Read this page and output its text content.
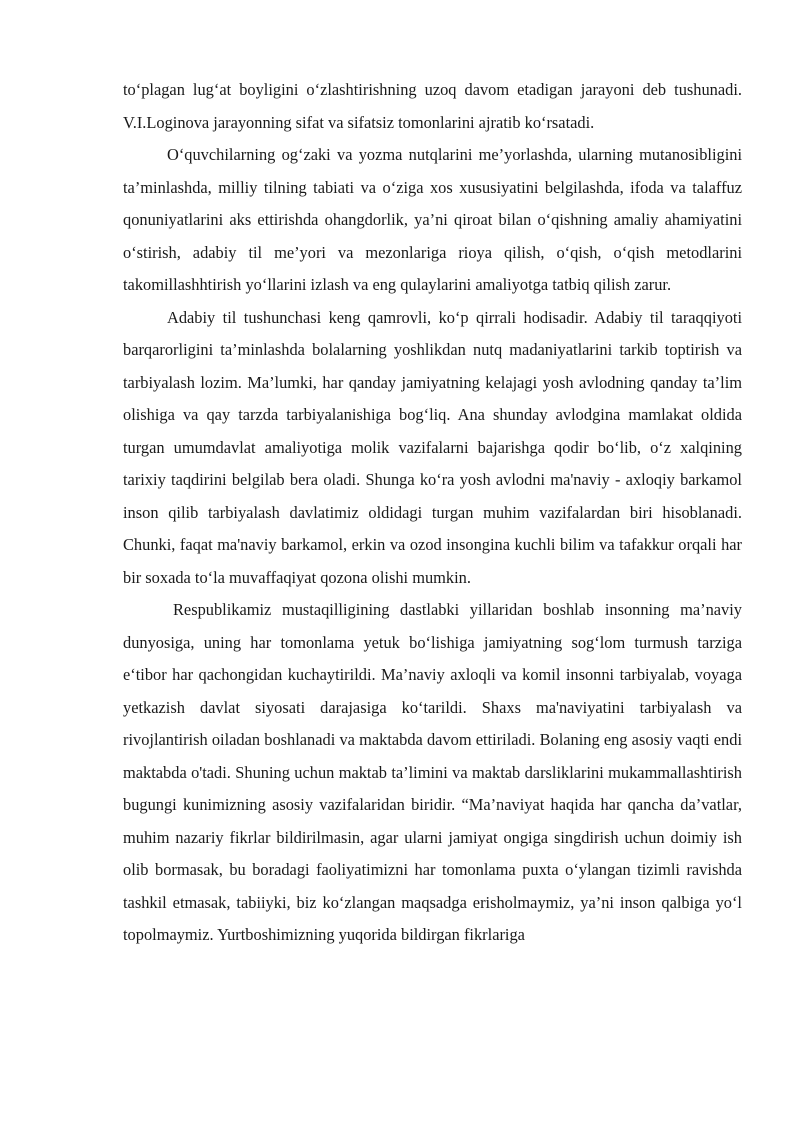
to‘plagan lug‘at boyligini o‘zlashtirishning uzoq davom etadigan jarayoni deb tushunadi. V.I.Loginova jarayonning sifat va sifatsiz tomonlarini ajratib ko‘rsatadi.

O‘quvchilarning og‘zaki va yozma nutqlarini me’yorlashda, ularning mutanosibligini ta’minlashda, milliy tilning tabiati va o‘ziga xos xususiyatini belgilashda, ifoda va talaffuz qonuniyatlarini aks ettirishda ohangdorlik, ya’ni qiroat bilan o‘qishning amaliy ahamiyatini o‘stirish, adabiy til me’yori va mezonlariga rioya qilish, o‘qish, o‘qish metodlarini takomillashhtirish yo‘llarini izlash va eng qulaylarini amaliyotga tatbiq qilish zarur.

Adabiy til tushunchasi keng qamrovli, ko‘p qirrali hodisadir. Adabiy til taraqqiyoti barqarorligini ta’minlashda bolalarning yoshlikdan nutq madaniyatlarini tarkib toptirish va tarbiyalash lozim. Ma’lumki, har qanday jamiyatning kelajagi yosh avlodning qanday ta’lim olishiga va qay tarzda tarbiyalanishiga bog‘liq. Ana shunday avlodgina mamlakat oldida turgan umumdavlat amaliyotiga molik vazifalarni bajarishga qodir bo‘lib, o‘z xalqining tarixiy taqdirini belgilab bera oladi. Shunga ko‘ra yosh avlodni ma'naviy - axloqiy barkamol inson qilib tarbiyalash davlatimiz oldidagi turgan muhim vazifalardan biri hisoblanadi. Chunki, faqat ma'naviy barkamol, erkin va ozod insongina kuchli bilim va tafakkur orqali har bir soxada to‘la muvaffaqiyat qozona olishi mumkin.

Respublikamiz mustaqilligining dastlabki yillaridan boshlab insonning ma’naviy dunyosiga, uning har tomonlama yetuk bo‘lishiga jamiyatning sog‘lom turmush tarziga e‘tibor har qachongidan kuchaytirildi. Ma’naviy axloqli va komil insonni tarbiyalab, voyaga yetkazish davlat siyosati darajasiga ko‘tarildi. Shaxs ma'naviyatini tarbiyalash va rivojlantirish oiladan boshlanadi va maktabda davom ettiriladi. Bolaning eng asosiy vaqti endi maktabda o'tadi. Shuning uchun maktab ta’limini va maktab darsliklarini mukammallashtirish bugungi kunimizning asosiy vazifalaridan biridir. “Ma’naviyat haqida har qancha da’vatlar, muhim nazariy fikrlar bildirilmasin, agar ularni jamiyat ongiga singdirish uchun doimiy ish olib bormasak, bu boradagi faoliyatimizni har tomonlama puxta o‘ylangan tizimli ravishda tashkil etmasak, tabiiyki, biz ko‘zlangan maqsadga erisholmaymiz, ya’ni inson qalbiga yo‘l topolmaymiz. Yurtboshimizning yuqorida bildirgan fikrlariga
